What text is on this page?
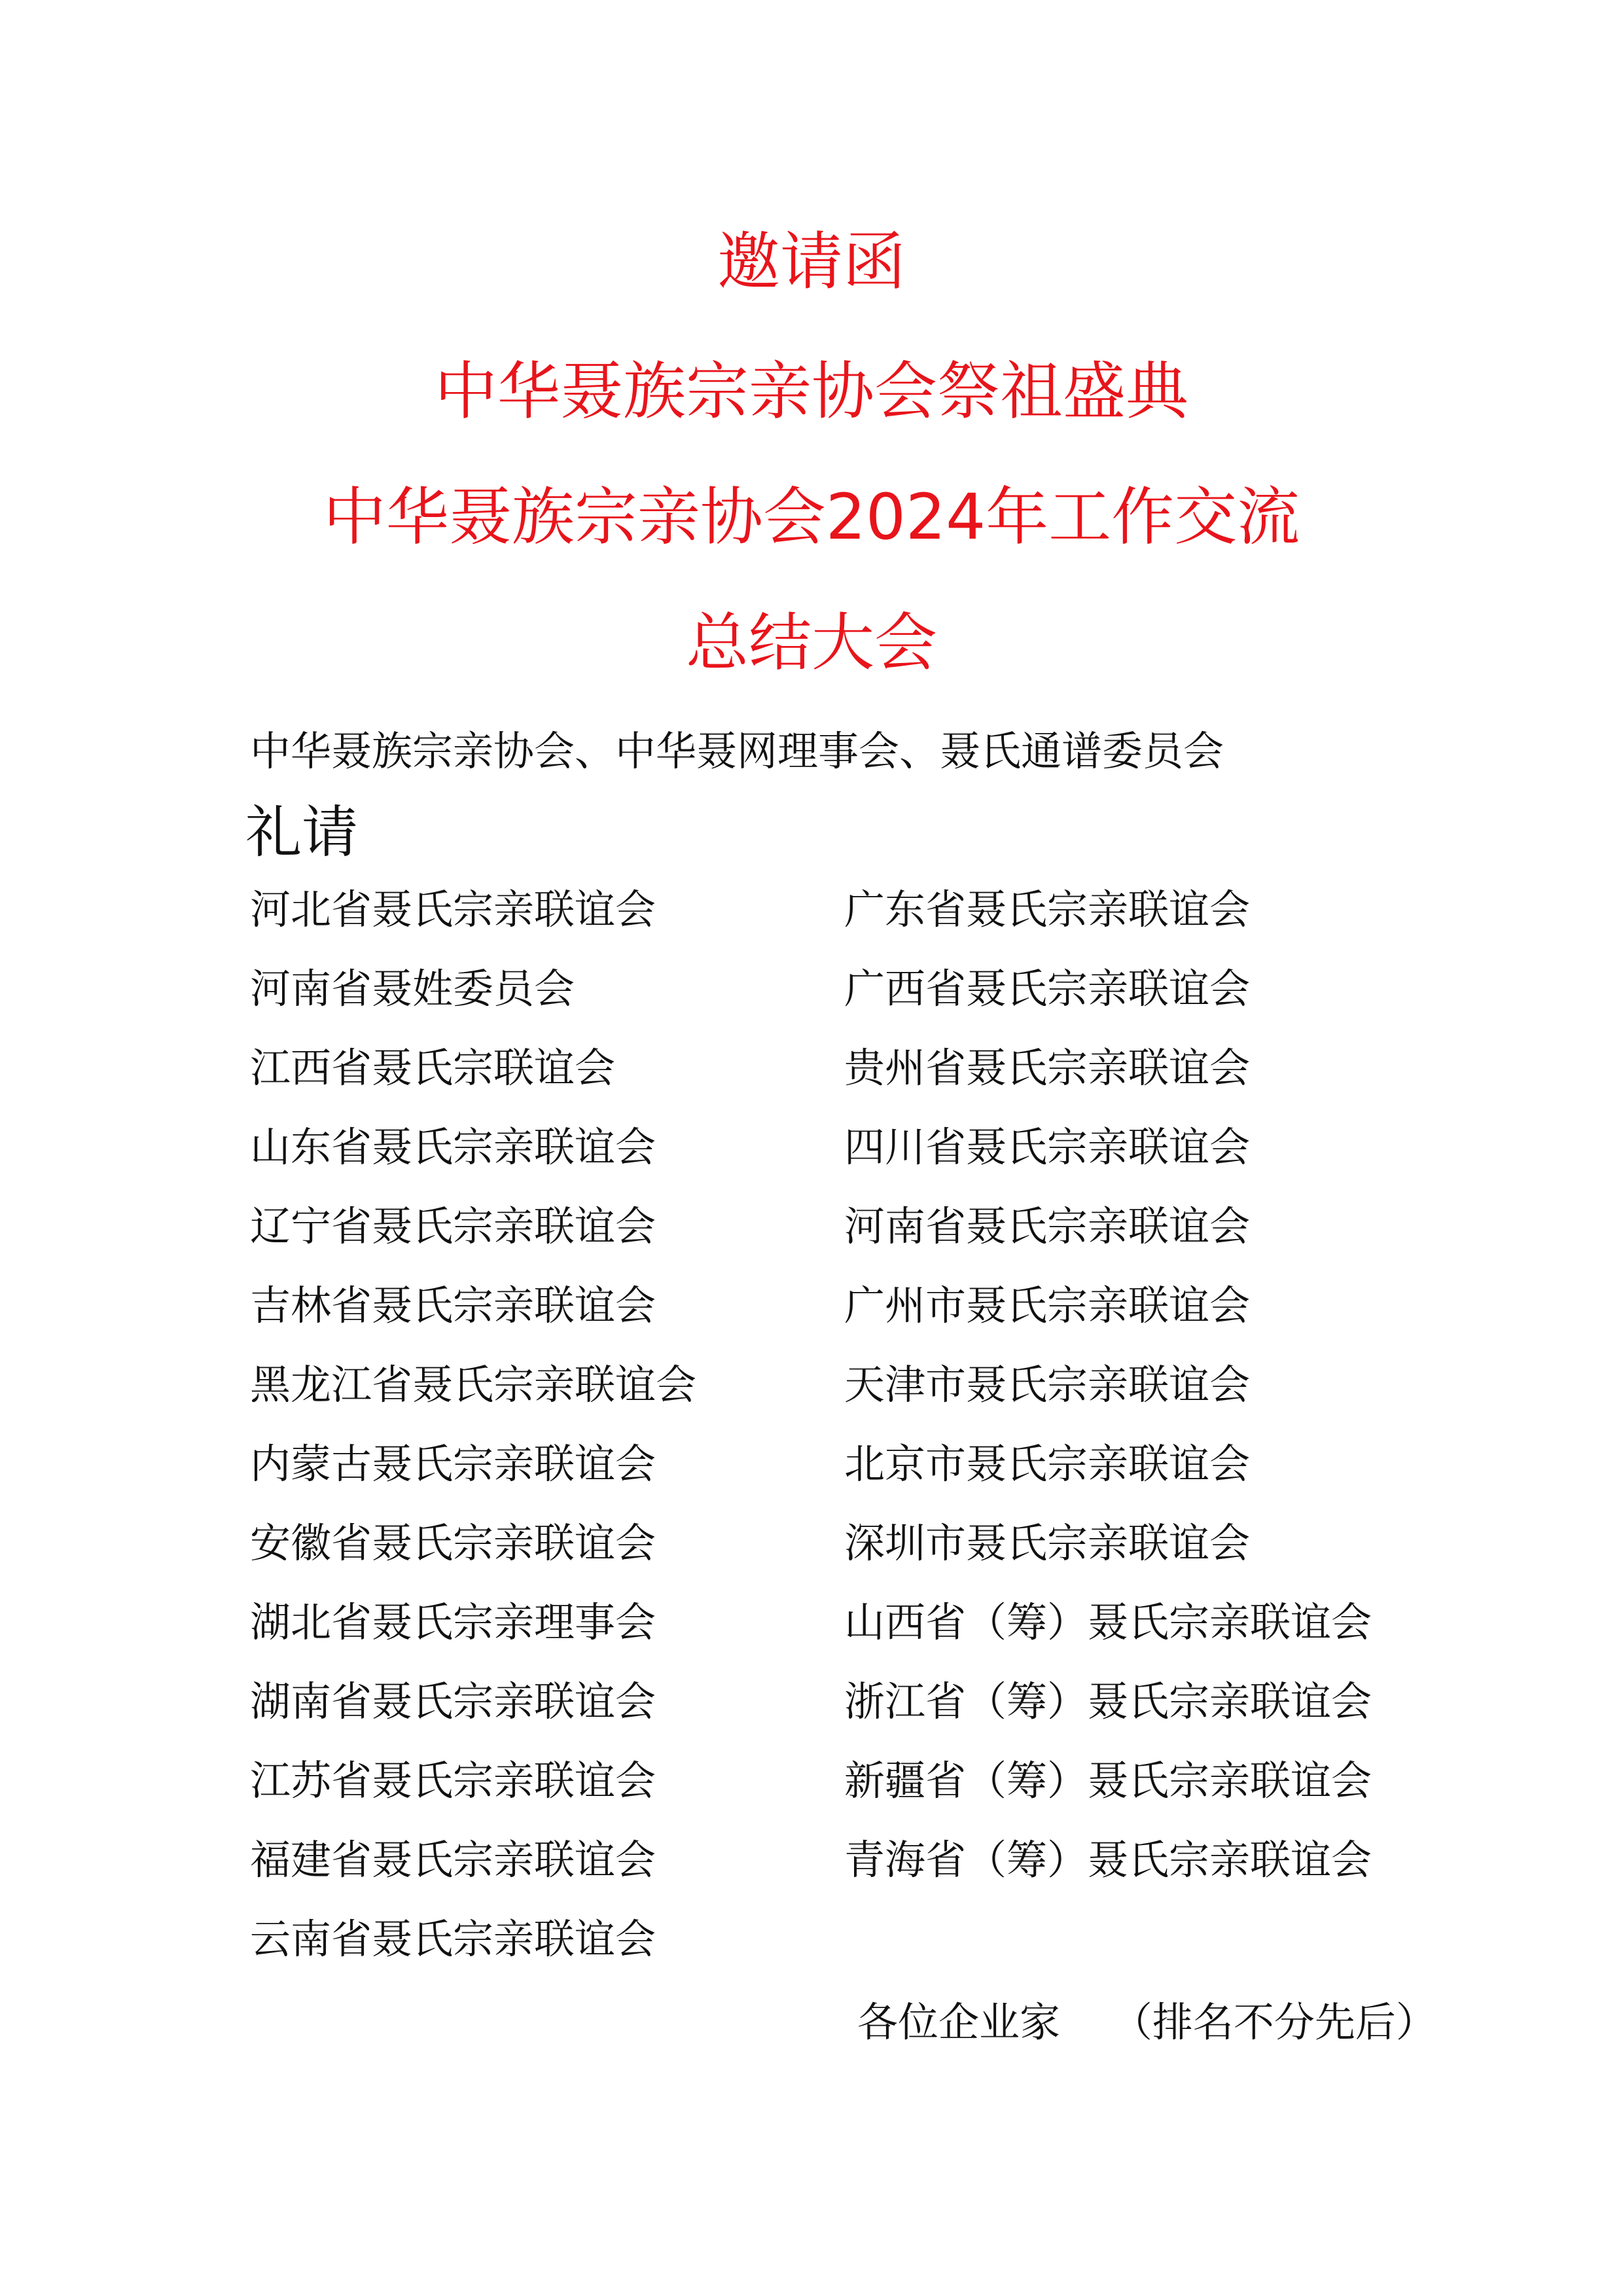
邀请函
中华聂族宗亲协会祭祖盛典
中华聂族宗亲协会2024年工作交流
总结大会
中华聂族宗亲协会、中华聂网理事会、聂氏通谱委员会
礼请
河北省聂氏宗亲联谊会
河南省聂姓委员会
江西省聂氏宗联谊会
山东省聂氏宗亲联谊会
辽宁省聂氏宗亲联谊会
吉林省聂氏宗亲联谊会
黑龙江省聂氏宗亲联谊会
内蒙古聂氏宗亲联谊会
安徽省聂氏宗亲联谊会
湖北省聂氏宗亲理事会
湖南省聂氏宗亲联谊会
江苏省聂氏宗亲联谊会
福建省聂氏宗亲联谊会
云南省聂氏宗亲联谊会
广东省聂氏宗亲联谊会
广西省聂氏宗亲联谊会
贵州省聂氏宗亲联谊会
四川省聂氏宗亲联谊会
河南省聂氏宗亲联谊会
广州市聂氏宗亲联谊会
天津市聂氏宗亲联谊会
北京市聂氏宗亲联谊会
深圳市聂氏宗亲联谊会
山西省（筹）聂氏宗亲联谊会
浙江省（筹）聂氏宗亲联谊会
新疆省（筹）聂氏宗亲联谊会
青海省（筹）聂氏宗亲联谊会
各位企业家 （排名不分先后）
